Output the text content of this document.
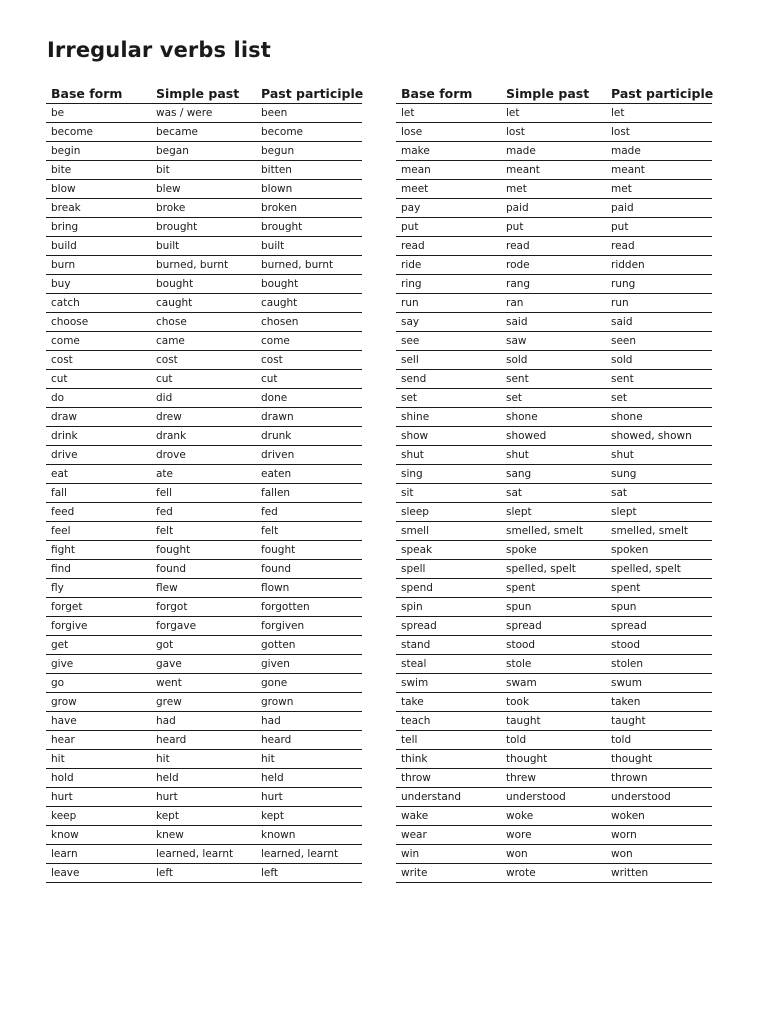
Irregular verbs list
Base form	Simple past	Past participle
be	was / were	been
become	became	become
begin	began	begun
bite	bit	bitten
blow	blew	blown
break	broke	broken
bring	brought	brought
build	built	built
burn	burned, burnt	burned, burnt
buy	bought	bought
catch	caught	caught
choose	chose	chosen
come	came	come
cost	cost	cost
cut	cut	cut
do	did	done
draw	drew	drawn
drink	drank	drunk
drive	drove	driven
eat	ate	eaten
fall	fell	fallen
feed	fed	fed
feel	felt	felt
fight	fought	fought
find	found	found
fly	flew	flown
forget	forgot	forgotten
forgive	forgave	forgiven
get	got	gotten
give	gave	given
go	went	gone
grow	grew	grown
have	had	had
hear	heard	heard
hit	hit	hit
hold	held	held
hurt	hurt	hurt
keep	kept	kept
know	knew	known
learn	learned, learnt	learned, learnt
leave	left	left
Base form	Simple past	Past participle
let	let	let
lose	lost	lost
make	made	made
mean	meant	meant
meet	met	met
pay	paid	paid
put	put	put
read	read	read
ride	rode	ridden
ring	rang	rung
run	ran	run
say	said	said
see	saw	seen
sell	sold	sold
send	sent	sent
set	set	set
shine	shone	shone
show	showed	showed, shown
shut	shut	shut
sing	sang	sung
sit	sat	sat
sleep	slept	slept
smell	smelled, smelt	smelled, smelt
speak	spoke	spoken
spell	spelled, spelt	spelled, spelt
spend	spent	spent
spin	spun	spun
spread	spread	spread
stand	stood	stood
steal	stole	stolen
swim	swam	swum
take	took	taken
teach	taught	taught
tell	told	told
think	thought	thought
throw	threw	thrown
understand	understood	understood
wake	woke	woken
wear	wore	worn
win	won	won
write	wrote	written
